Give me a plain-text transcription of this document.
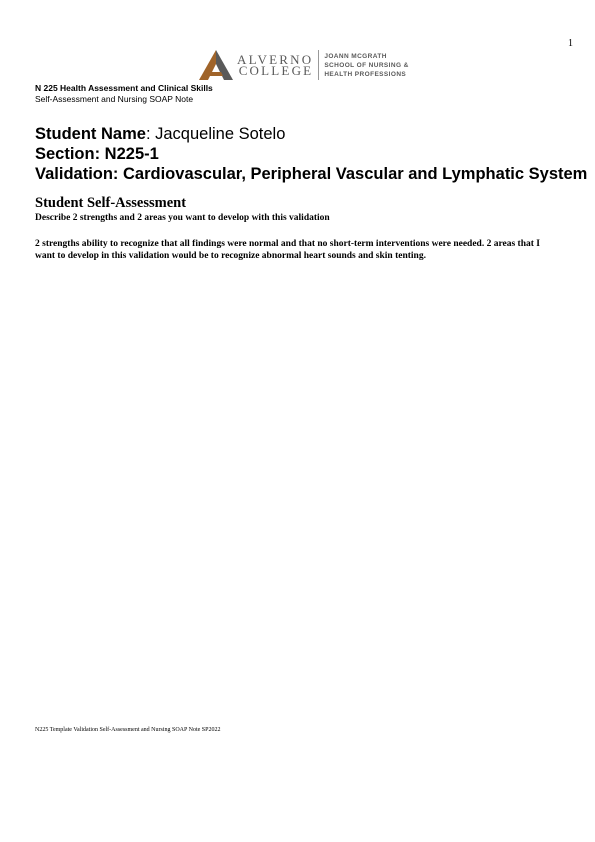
1
ALVERNO
COLLEGE
JOANN MCGRATH
SCHOOL OF NURSING &
HEALTH PROFESSIONS
N 225 Health Assessment and Clinical Skills
Self-Assessment and Nursing SOAP Note
Student Name: Jacqueline Sotelo
Section: N225-1
Validation: Cardiovascular, Peripheral Vascular and Lymphatic System
Student Self-Assessment
Describe 2 strengths and 2 areas you want to develop with this validation
2 strengths ability to recognize that all findings were normal and that no short-term interventions were needed. 2 areas that I want to develop in this validation would be to recognize abnormal heart sounds and skin tenting.
N225 Template Validation Self-Assessment and Nursing SOAP Note SP2022
